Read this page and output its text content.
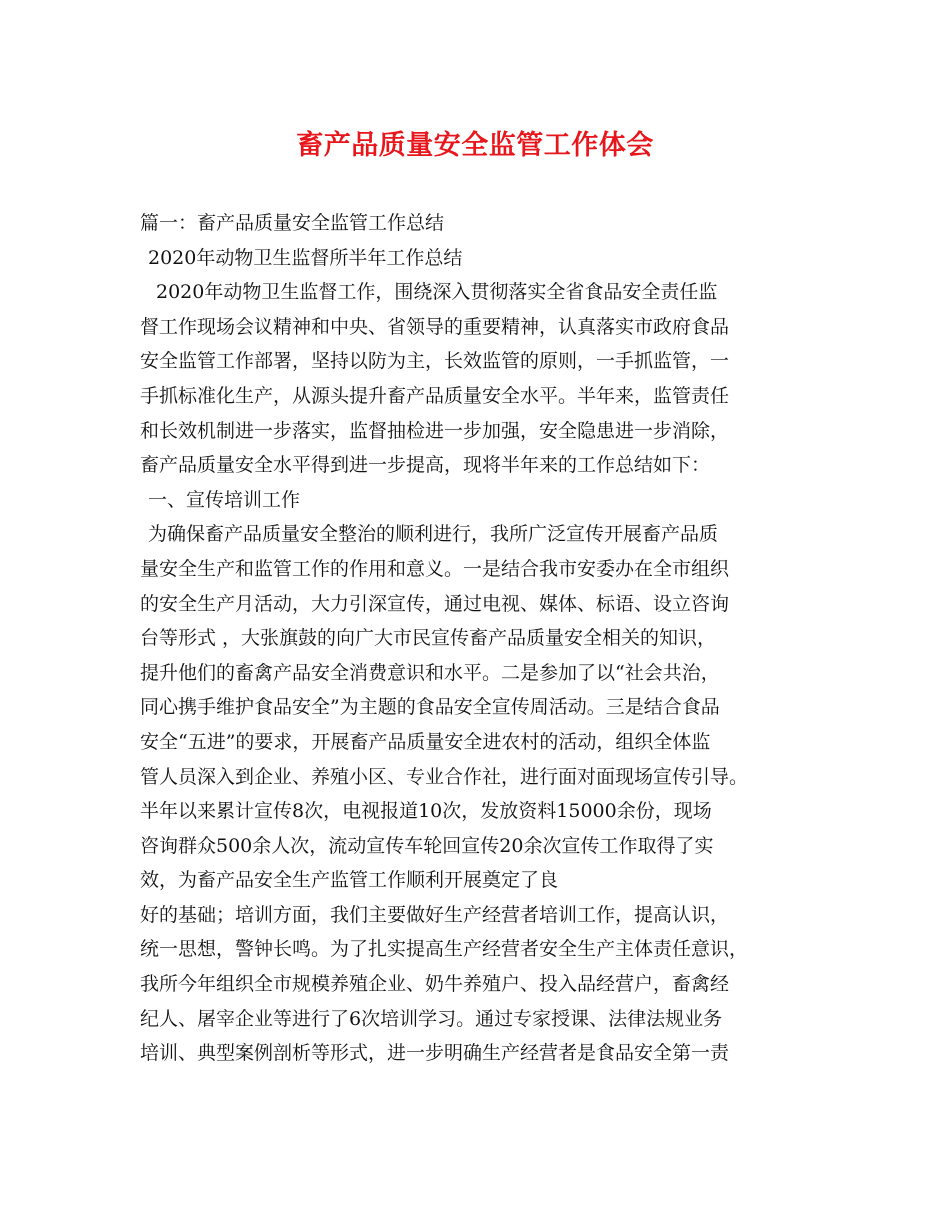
畜产品质量安全监管工作体会
篇一：畜产品质量安全监管工作总结
2020年动物卫生监督所半年工作总结
2020年动物卫生监督工作，围绕深入贯彻落实全省食品安全责任监
督工作现场会议精神和中央、省领导的重要精神，认真落实市政府食品
安全监管工作部署，坚持以防为主，长效监管的原则，一手抓监管，一
手抓标准化生产，从源头提升畜产品质量安全水平。半年来，监管责任
和长效机制进一步落实，监督抽检进一步加强，安全隐患进一步消除，
畜产品质量安全水平得到进一步提高，现将半年来的工作总结如下：
一、宣传培训工作
为确保畜产品质量安全整治的顺利进行，我所广泛宣传开展畜产品质
量安全生产和监管工作的作用和意义。一是结合我市安委办在全市组织
的安全生产月活动，大力引深宣传，通过电视、媒体、标语、设立咨询
台等形式 ，大张旗鼓的向广大市民宣传畜产品质量安全相关的知识，
提升他们的畜禽产品安全消费意识和水平。二是参加了以“社会共治，
同心携手维护食品安全”为主题的食品安全宣传周活动。三是结合食品
安全“五进”的要求，开展畜产品质量安全进农村的活动，组织全体监
管人员深入到企业、养殖小区、专业合作社，进行面对面现场宣传引导。
半年以来累计宣传8次，电视报道10次，发放资料15000余份，现场
咨询群众500余人次，流动宣传车轮回宣传20余次宣传工作取得了实
效，为畜产品安全生产监管工作顺利开展奠定了良
好的基础；培训方面，我们主要做好生产经营者培训工作，提高认识，
统一思想，警钟长鸣。为了扎实提高生产经营者安全生产主体责任意识，
我所今年组织全市规模养殖企业、奶牛养殖户、投入品经营户，畜禽经
纪人、屠宰企业等进行了6次培训学习。通过专家授课、法律法规业务
培训、典型案例剖析等形式，进一步明确生产经营者是食品安全第一责
